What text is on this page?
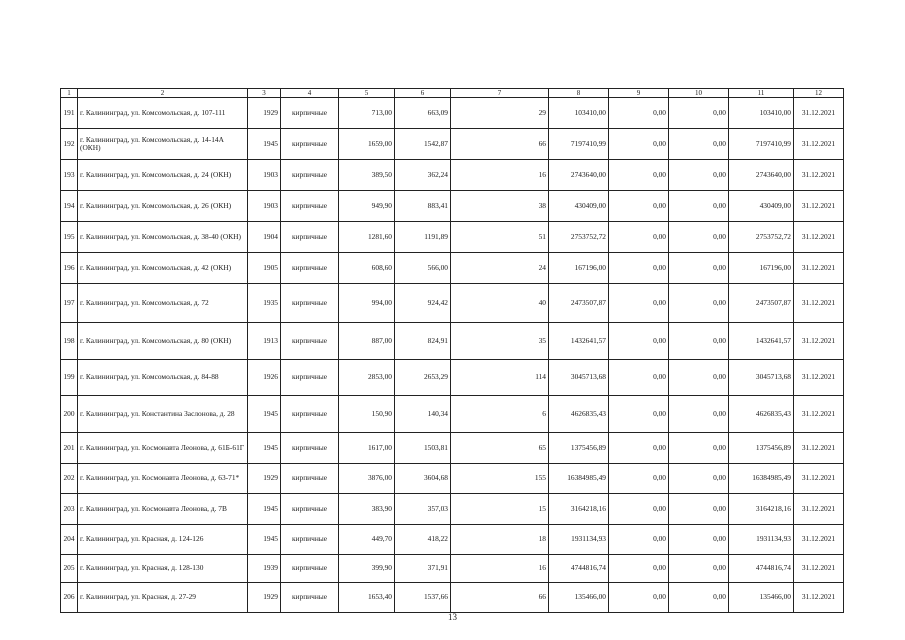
1	2	3	4	5	6	7	8	9	10	11	12
191	г. Калининград, ул. Комсомольская, д. 107-111	1929	кирпичные	713,00	663,09	29	103410,00	0,00	0,00	103410,00	31.12.2021
192	г. Калининград, ул. Комсомольская, д. 14-14А (ОКН)	1945	кирпичные	1659,00	1542,87	66	7197410,99	0,00	0,00	7197410,99	31.12.2021
193	г. Калининград, ул. Комсомольская, д. 24 (ОКН)	1903	кирпичные	389,50	362,24	16	2743640,00	0,00	0,00	2743640,00	31.12.2021
194	г. Калининград, ул. Комсомольская, д. 26 (ОКН)	1903	кирпичные	949,90	883,41	38	430409,00	0,00	0,00	430409,00	31.12.2021
195	г. Калининград, ул. Комсомольская, д. 38-40 (ОКН)	1904	кирпичные	1281,60	1191,89	51	2753752,72	0,00	0,00	2753752,72	31.12.2021
196	г. Калининград, ул. Комсомольская, д. 42 (ОКН)	1905	кирпичные	608,60	566,00	24	167196,00	0,00	0,00	167196,00	31.12.2021
197	г. Калининград, ул. Комсомольская, д. 72	1935	кирпичные	994,00	924,42	40	2473507,87	0,00	0,00	2473507,87	31.12.2021
198	г. Калининград, ул. Комсомольская, д. 80 (ОКН)	1913	кирпичные	887,00	824,91	35	1432641,57	0,00	0,00	1432641,57	31.12.2021
199	г. Калининград, ул. Комсомольская, д. 84-88	1926	кирпичные	2853,00	2653,29	114	3045713,68	0,00	0,00	3045713,68	31.12.2021
200	г. Калининград, ул. Константина Заслонова, д. 28	1945	кирпичные	150,90	140,34	6	4626835,43	0,00	0,00	4626835,43	31.12.2021
201	г. Калининград, ул. Космонавта Леонова, д. 61Б-61Г	1945	кирпичные	1617,00	1503,81	65	1375456,89	0,00	0,00	1375456,89	31.12.2021
202	г. Калининград, ул. Космонавта Леонова, д. 63-71*	1929	кирпичные	3876,00	3604,68	155	16384985,49	0,00	0,00	16384985,49	31.12.2021
203	г. Калининград, ул. Космонавта Леонова, д. 7В	1945	кирпичные	383,90	357,03	15	3164218,16	0,00	0,00	3164218,16	31.12.2021
204	г. Калининград, ул. Красная, д. 124-126	1945	кирпичные	449,70	418,22	18	1931134,93	0,00	0,00	1931134,93	31.12.2021
205	г. Калининград, ул. Красная, д. 128-130	1939	кирпичные	399,90	371,91	16	4744816,74	0,00	0,00	4744816,74	31.12.2021
206	г. Калининград, ул. Красная, д. 27-29	1929	кирпичные	1653,40	1537,66	66	135466,00	0,00	0,00	135466,00	31.12.2021
13
